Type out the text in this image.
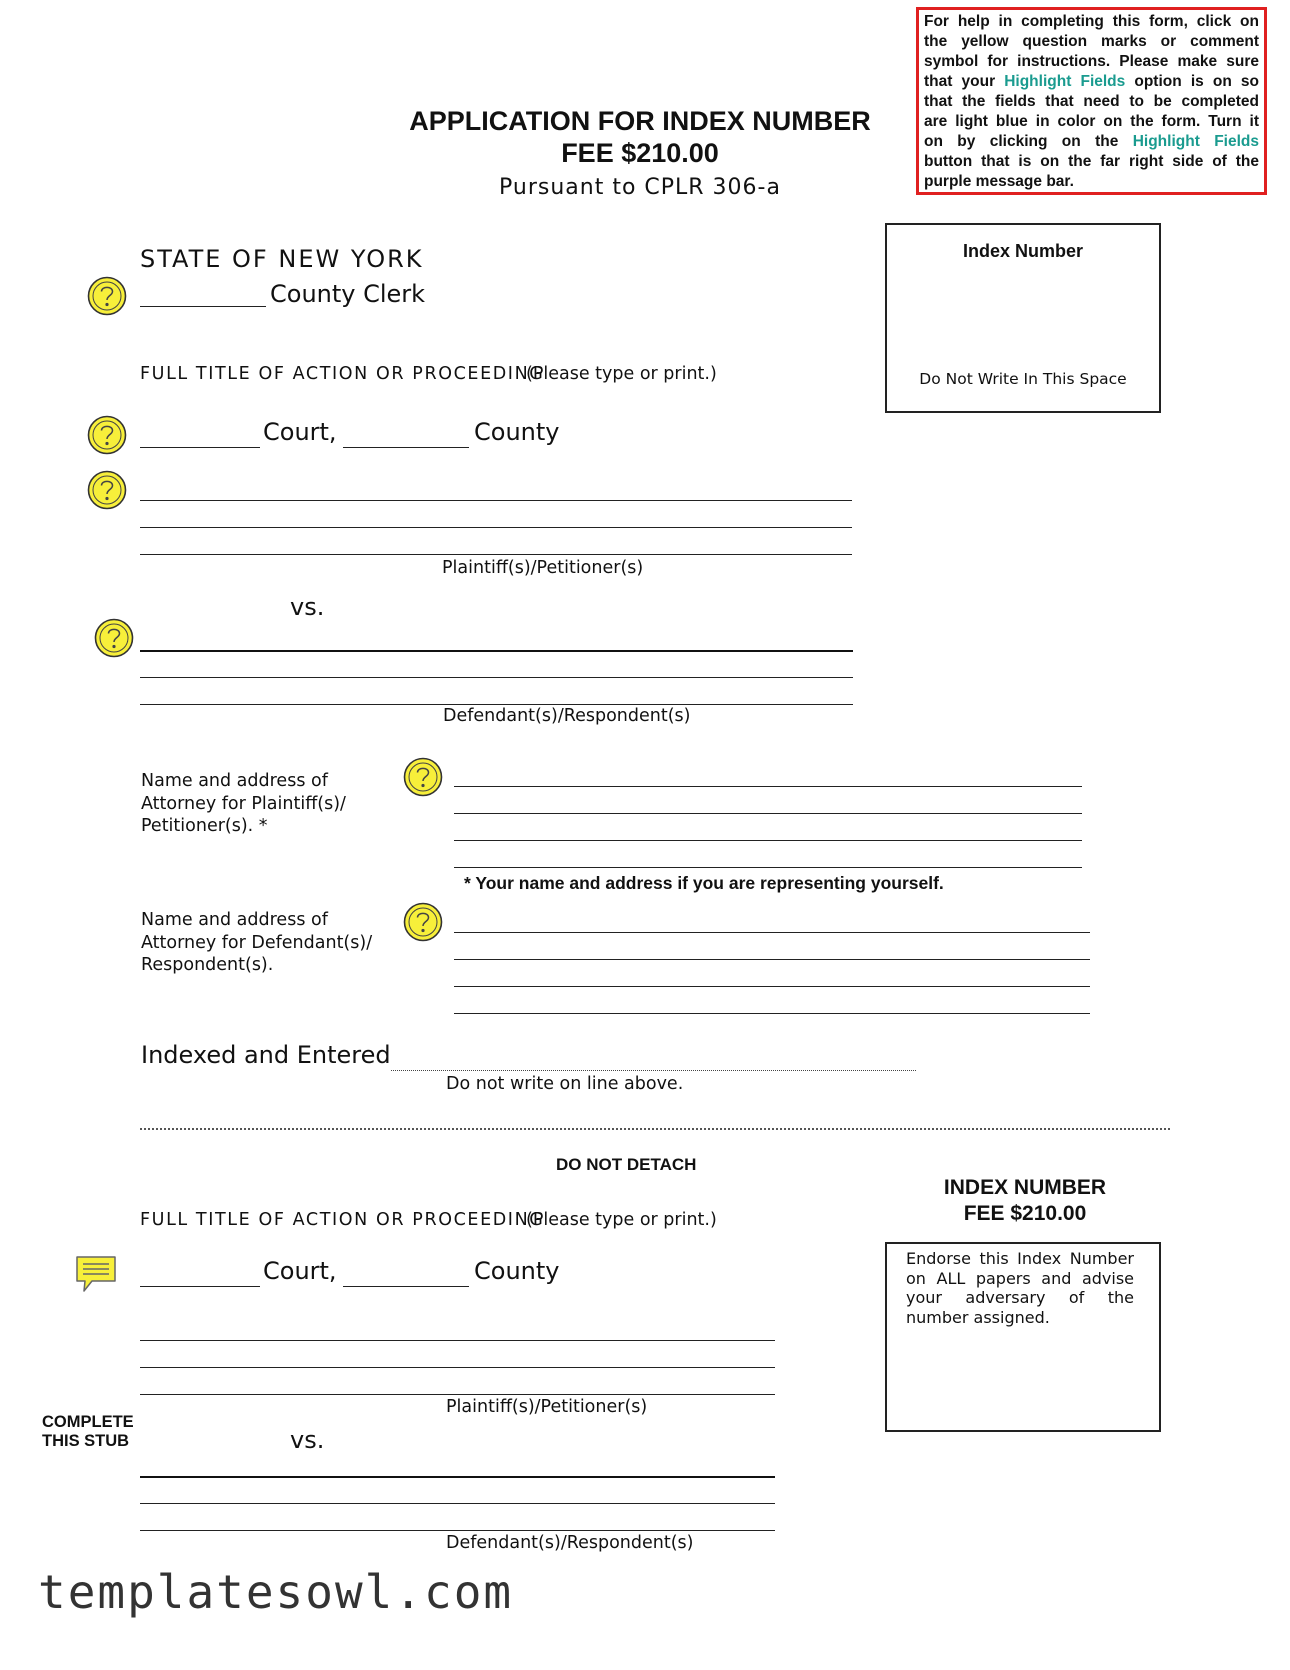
For help in completing this form, click on
the yellow question marks or comment
symbol for instructions. Please make sure
that your Highlight Fields option is on so
that the fields that need to be completed
are light blue in color on the form. Turn it
on by clicking on the Highlight Fields
button that is on the far right side of the
purple message bar.
APPLICATION FOR INDEX NUMBER
FEE $210.00
Pursuant to CPLR 306-a
STATE OF NEW YORK
County Clerk
Index Number
Do Not Write In This Space
FULL TITLE OF ACTION OR PROCEEDING
(Please type or print.)
Court,	County
Plaintiff(s)/Petitioner(s)
vs.
Defendant(s)/Respondent(s)
Name and address of
Attorney for Plaintiff(s)/
Petitioner(s). *
* Your name and address if you are representing yourself.
Name and address of
Attorney for Defendant(s)/
Respondent(s).
Indexed and Entered
Do not write on line above.
DO NOT DETACH
INDEX NUMBER
FEE $210.00
FULL TITLE OF ACTION OR PROCEEDING
(Please type or print.)
Endorse this Index Number on ALL papers and advise your adversary of the number assigned.
Court,	County
Plaintiff(s)/Petitioner(s)
COMPLETE
THIS STUB	vs.
Defendant(s)/Respondent(s)
templatesowl.com
